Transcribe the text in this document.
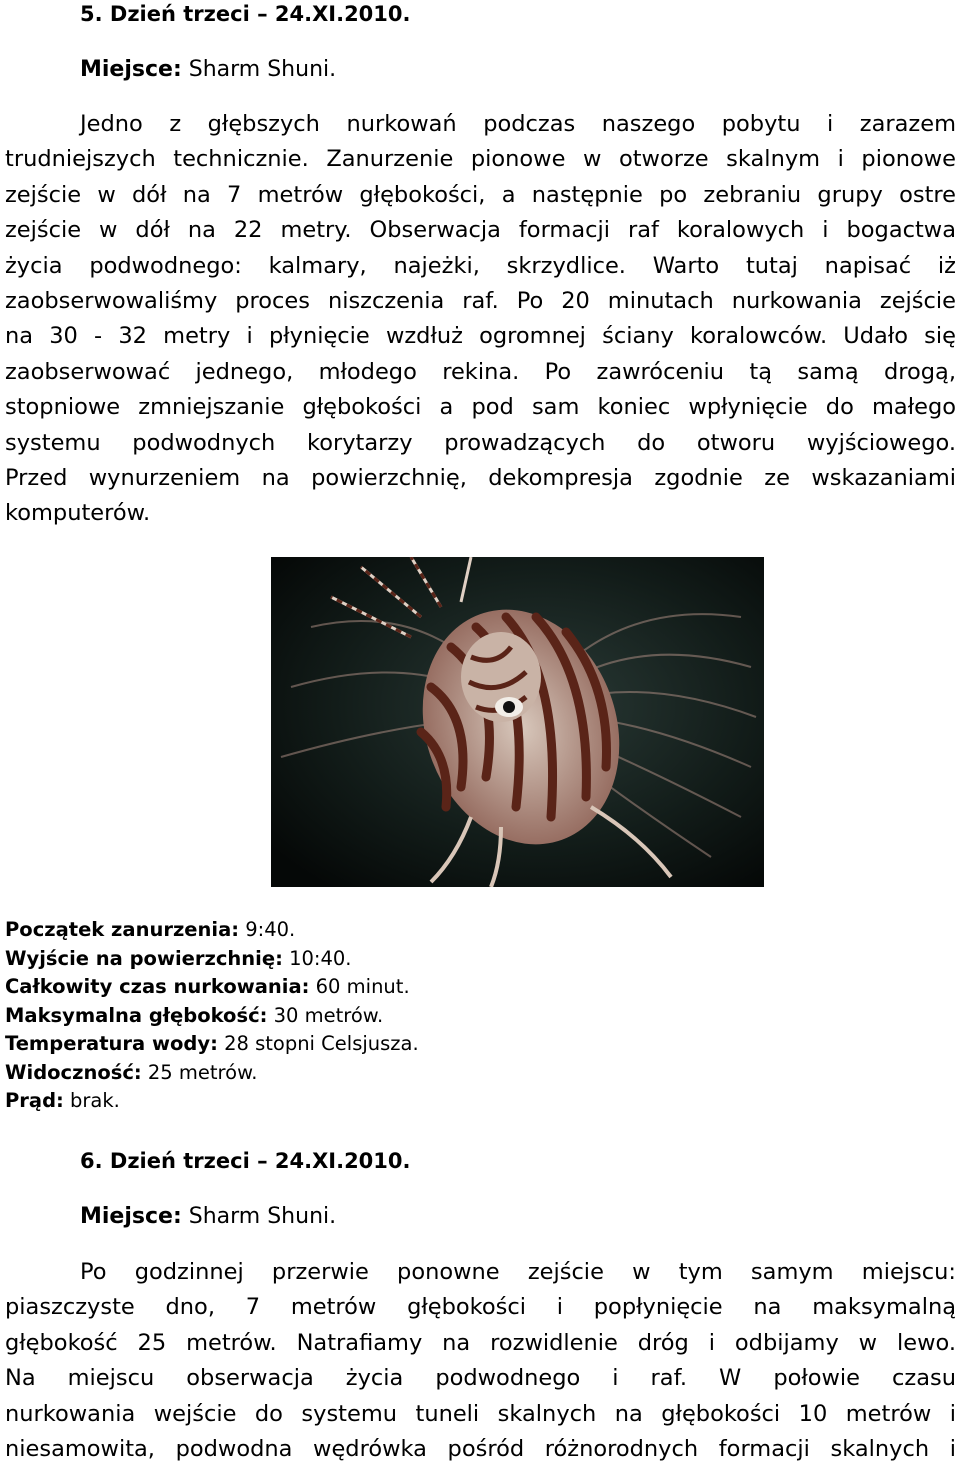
5. Dzień trzeci – 24.XI.2010.

Miejsce: Sharm Shuni.

Jedno z głębszych nurkowań podczas naszego pobytu i zarazem
trudniejszych technicznie. Zanurzenie pionowe w otworze skalnym i pionowe
zejście w dół na 7 metrów głębokości, a następnie po zebraniu grupy ostre
zejście w dół na 22 metry. Obserwacja formacji raf koralowych i bogactwa
życia podwodnego: kalmary, najeżki, skrzydlice. Warto tutaj napisać iż
zaobserwowaliśmy proces niszczenia raf. Po 20 minutach nurkowania zejście
na 30 - 32 metry i płynięcie wzdłuż ogromnej ściany koralowców. Udało się
zaobserwować jednego, młodego rekina. Po zawróceniu tą samą drogą,
stopniowe zmniejszanie głębokości a pod sam koniec wpłynięcie do małego
systemu podwodnych korytarzy prowadzących do otworu wyjściowego.
Przed wynurzeniem na powierzchnię, dekompresja zgodnie ze wskazaniami
komputerów.
Początek zanurzenia: 9:40.
Wyjście na powierzchnię: 10:40.
Całkowity czas nurkowania: 60 minut.
Maksymalna głębokość: 30 metrów.
Temperatura wody: 28 stopni Celsjusza.
Widoczność: 25 metrów.
Prąd: brak.
6. Dzień trzeci – 24.XI.2010.

Miejsce: Sharm Shuni.

Po godzinnej przerwie ponowne zejście w tym samym miejscu:
piaszczyste dno, 7 metrów głębokości i popłynięcie na maksymalną
głębokość 25 metrów. Natrafiamy na rozwidlenie dróg i odbijamy w lewo.
Na miejscu obserwacja życia podwodnego i raf. W połowie czasu
nurkowania wejście do systemu tuneli skalnych na głębokości 10 metrów i
niesamowita, podwodna wędrówka pośród różnorodnych formacji skalnych i
